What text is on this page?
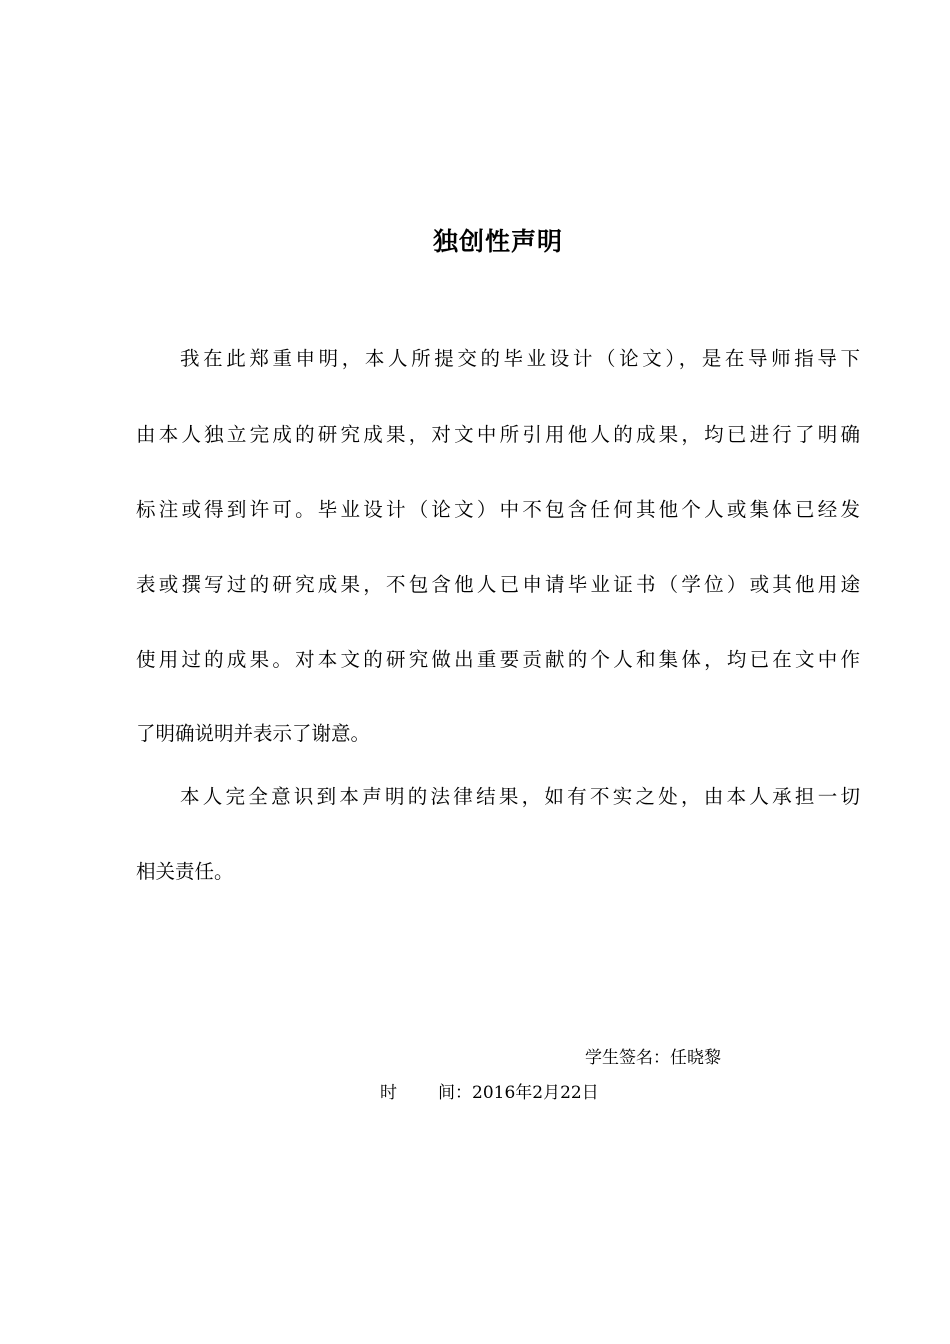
独创性声明
我在此郑重申明，本人所提交的毕业设计（论文），是在导师指导下
由本人独立完成的研究成果，对文中所引用他人的成果，均已进行了明确
标注或得到许可。毕业设计（论文）中不包含任何其他个人或集体已经发
表或撰写过的研究成果，不包含他人已申请毕业证书（学位）或其他用途
使用过的成果。对本文的研究做出重要贡献的个人和集体，均已在文中作
了明确说明并表示了谢意。
本人完全意识到本声明的法律结果，如有不实之处，由本人承担一切
相关责任。
学生签名：任晓黎
时 间：2016年2月22日
